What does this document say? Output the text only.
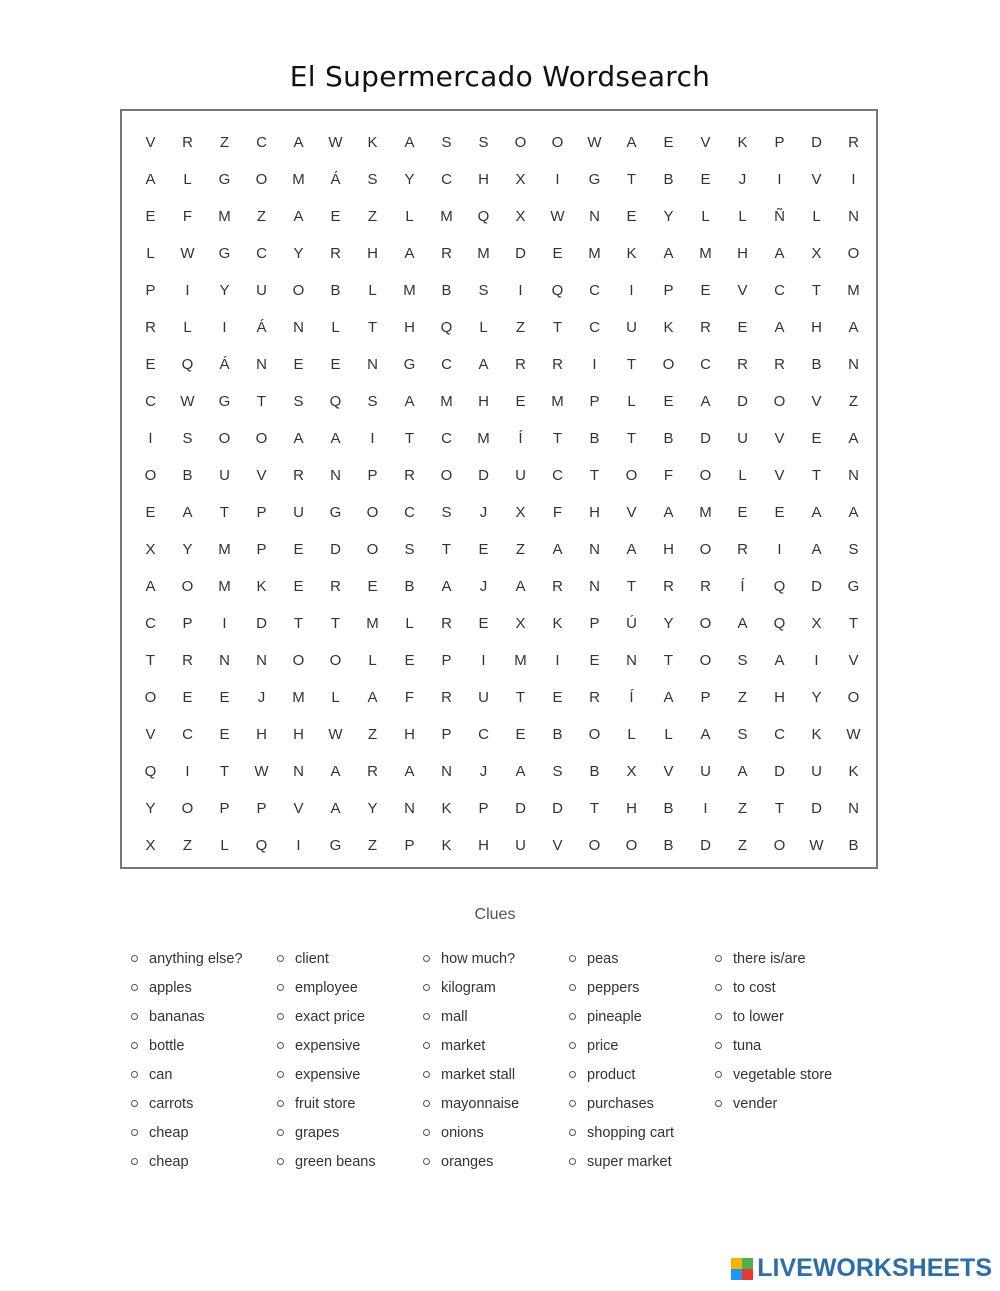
El Supermercado Wordsearch
V	R	Z	C	A	W	K	A	S	S	O	O	W	A	E	V	K	P	D	R
A	L	G	O	M	Á	S	Y	C	H	X	I	G	T	B	E	J	I	V	I
E	F	M	Z	A	E	Z	L	M	Q	X	W	N	E	Y	L	L	Ñ	L	N
L	W	G	C	Y	R	H	A	R	M	D	E	M	K	A	M	H	A	X	O
P	I	Y	U	O	B	L	M	B	S	I	Q	C	I	P	E	V	C	T	M
R	L	I	Á	N	L	T	H	Q	L	Z	T	C	U	K	R	E	A	H	A
E	Q	Á	N	E	E	N	G	C	A	R	R	I	T	O	C	R	R	B	N
C	W	G	T	S	Q	S	A	M	H	E	M	P	L	E	A	D	O	V	Z
I	S	O	O	A	A	I	T	C	M	Í	T	B	T	B	D	U	V	E	A
O	B	U	V	R	N	P	R	O	D	U	C	T	O	F	O	L	V	T	N
E	A	T	P	U	G	O	C	S	J	X	F	H	V	A	M	E	E	A	A
X	Y	M	P	E	D	O	S	T	E	Z	A	N	A	H	O	R	I	A	S
A	O	M	K	E	R	E	B	A	J	A	R	N	T	R	R	Í	Q	D	G
C	P	I	D	T	T	M	L	R	E	X	K	P	Ú	Y	O	A	Q	X	T
T	R	N	N	O	O	L	E	P	I	M	I	E	N	T	O	S	A	I	V
O	E	E	J	M	L	A	F	R	U	T	E	R	Í	A	P	Z	H	Y	O
V	C	E	H	H	W	Z	H	P	C	E	B	O	L	L	A	S	C	K	W
Q	I	T	W	N	A	R	A	N	J	A	S	B	X	V	U	A	D	U	K
Y	O	P	P	V	A	Y	N	K	P	D	D	T	H	B	I	Z	T	D	N
X	Z	L	Q	I	G	Z	P	K	H	U	V	O	O	B	D	Z	O	W	B
Clues
anything else?
apples
bananas
bottle
can
carrots
cheap
cheap
client
employee
exact price
expensive
expensive
fruit store
grapes
green beans
how much?
kilogram
mall
market
market stall
mayonnaise
onions
oranges
peas
peppers
pineaple
price
product
purchases
shopping cart
super market
there is/are
to cost
to lower
tuna
vegetable store
vender
LIVEWORKSHEETS
